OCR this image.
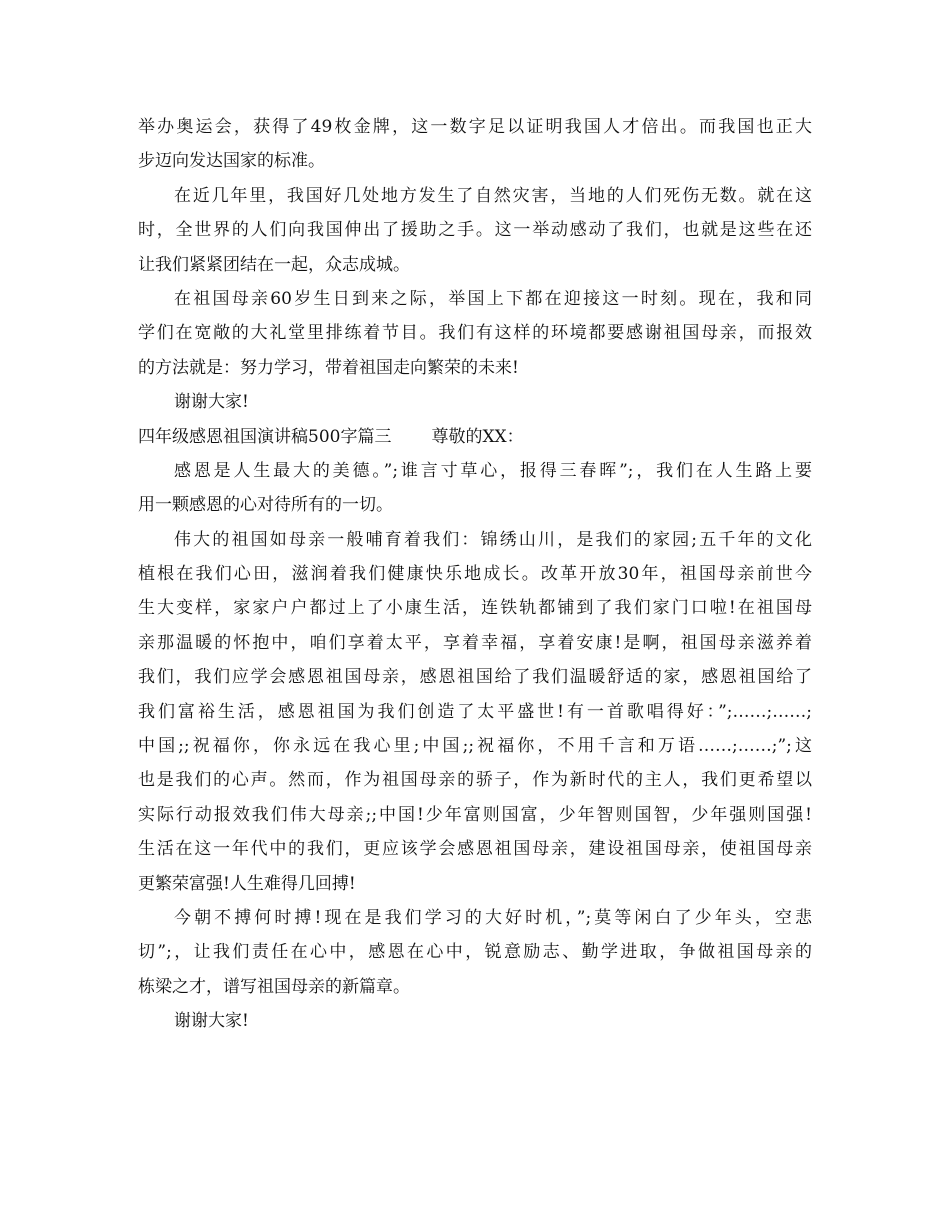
举办奥运会，获得了49枚金牌，这一数字足以证明我国人才倍出。而我国也正大
步迈向发达国家的标准。
在近几年里，我国好几处地方发生了自然灾害，当地的人们死伤无数。就在这
时，全世界的人们向我国伸出了援助之手。这一举动感动了我们，也就是这些在还
让我们紧紧团结在一起，众志成城。
在祖国母亲60岁生日到来之际，举国上下都在迎接这一时刻。现在，我和同
学们在宽敞的大礼堂里排练着节目。我们有这样的环境都要感谢祖国母亲，而报效
的方法就是：努力学习，带着祖国走向繁荣的未来!
谢谢大家!
四年级感恩祖国演讲稿500字篇三 尊敬的XX：
感恩是人生最大的美德。”;谁言寸草心，报得三春晖”;，我们在人生路上要
用一颗感恩的心对待所有的一切。
伟大的祖国如母亲一般哺育着我们：锦绣山川，是我们的家园;五千年的文化
植根在我们心田，滋润着我们健康快乐地成长。改革开放30年，祖国母亲前世今
生大变样，家家户户都过上了小康生活，连铁轨都铺到了我们家门口啦!在祖国母
亲那温暖的怀抱中，咱们享着太平，享着幸福，享着安康!是啊，祖国母亲滋养着
我们，我们应学会感恩祖国母亲，感恩祖国给了我们温暖舒适的家，感恩祖国给了
我们富裕生活，感恩祖国为我们创造了太平盛世!有一首歌唱得好：”;……;……;
中国;;祝福你，你永远在我心里;中国;;祝福你，不用千言和万语……;……;”;这
也是我们的心声。然而，作为祖国母亲的骄子，作为新时代的主人，我们更希望以
实际行动报效我们伟大母亲;;中国!少年富则国富，少年智则国智，少年强则国强!
生活在这一年代中的我们，更应该学会感恩祖国母亲，建设祖国母亲，使祖国母亲
更繁荣富强!人生难得几回搏!
今朝不搏何时搏!现在是我们学习的大好时机，”;莫等闲白了少年头，空悲
切”;，让我们责任在心中，感恩在心中，锐意励志、勤学进取，争做祖国母亲的
栋梁之才，谱写祖国母亲的新篇章。
谢谢大家!
